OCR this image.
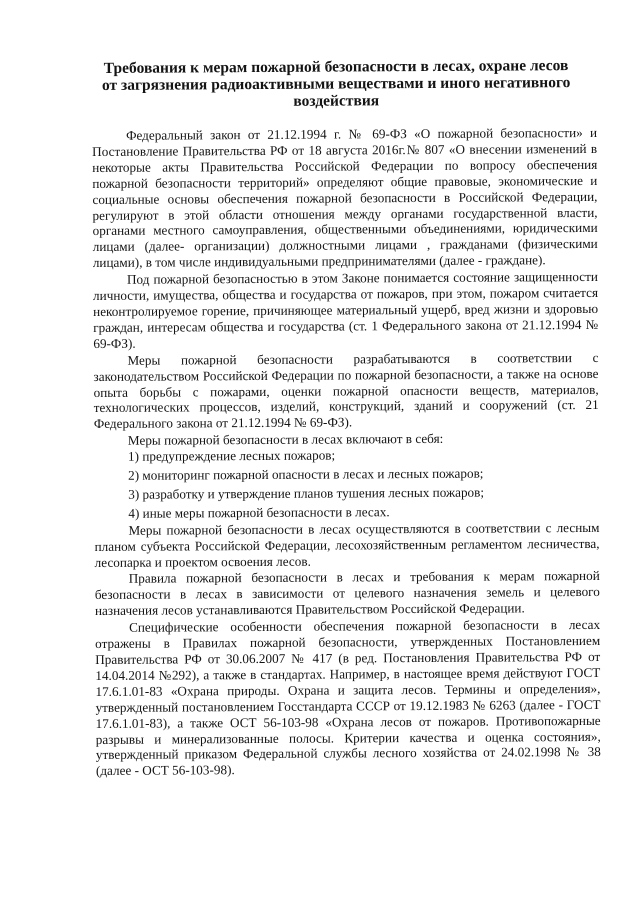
Требования к мерам пожарной безопасности в лесах, охране лесов от загрязнения радиоактивными веществами и иного негативного воздействия

Федеральный закон от 21.12.1994 г. № 69-ФЗ «О пожарной безопасности» и Постановление Правительства РФ от 18 августа 2016г.№ 807 «О внесении изменений в некоторые акты Правительства Российской Федерации по вопросу обеспечения пожарной безопасности территорий» определяют общие правовые, экономические и социальные основы обеспечения пожарной безопасности в Российской Федерации, регулируют в этой области отношения между органами государственной власти, органами местного самоуправления, общественными объединениями, юридическими лицами (далее- организации) должностными лицами , гражданами (физическими лицами), в том числе индивидуальными предпринимателями (далее - граждане).

Под пожарной безопасностью в этом Законе понимается состояние защищенности личности, имущества, общества и государства от пожаров, при этом, пожаром считается неконтролируемое горение, причиняющее материальный ущерб, вред жизни и здоровью граждан, интересам общества и государства (ст. 1 Федерального закона от 21.12.1994 № 69-ФЗ).

Меры пожарной безопасности разрабатываются в соответствии с законодательством Российской Федерации по пожарной безопасности, а также на основе опыта борьбы с пожарами, оценки пожарной опасности веществ, материалов, технологических процессов, изделий, конструкций, зданий и сооружений (ст. 21 Федерального закона от 21.12.1994 № 69-ФЗ).

Меры пожарной безопасности в лесах включают в себя:

1) предупреждение лесных пожаров;

2) мониторинг пожарной опасности в лесах и лесных пожаров;

3) разработку и утверждение планов тушения лесных пожаров;

4) иные меры пожарной безопасности в лесах.

Меры пожарной безопасности в лесах осуществляются в соответствии с лесным планом субъекта Российской Федерации, лесохозяйственным регламентом лесничества, лесопарка и проектом освоения лесов.

Правила пожарной безопасности в лесах и требования к мерам пожарной безопасности в лесах в зависимости от целевого назначения земель и целевого назначения лесов устанавливаются Правительством Российской Федерации.

Специфические особенности обеспечения пожарной безопасности в лесах отражены в Правилах пожарной безопасности, утвержденных Постановлением Правительства РФ от 30.06.2007 № 417 (в ред. Постановления Правительства РФ от 14.04.2014 №292), а также в стандартах. Например, в настоящее время действуют ГОСТ 17.6.1.01-83 «Охрана природы. Охрана и защита лесов. Термины и определения», утвержденный постановлением Госстандарта СССР от 19.12.1983 № 6263 (далее - ГОСТ 17.6.1.01-83), а также ОСТ 56-103-98 «Охрана лесов от пожаров. Противопожарные разрывы и минерализованные полосы. Критерии качества и оценка состояния», утвержденный приказом Федеральной службы лесного хозяйства от 24.02.1998 № 38 (далее - ОСТ 56-103-98).
